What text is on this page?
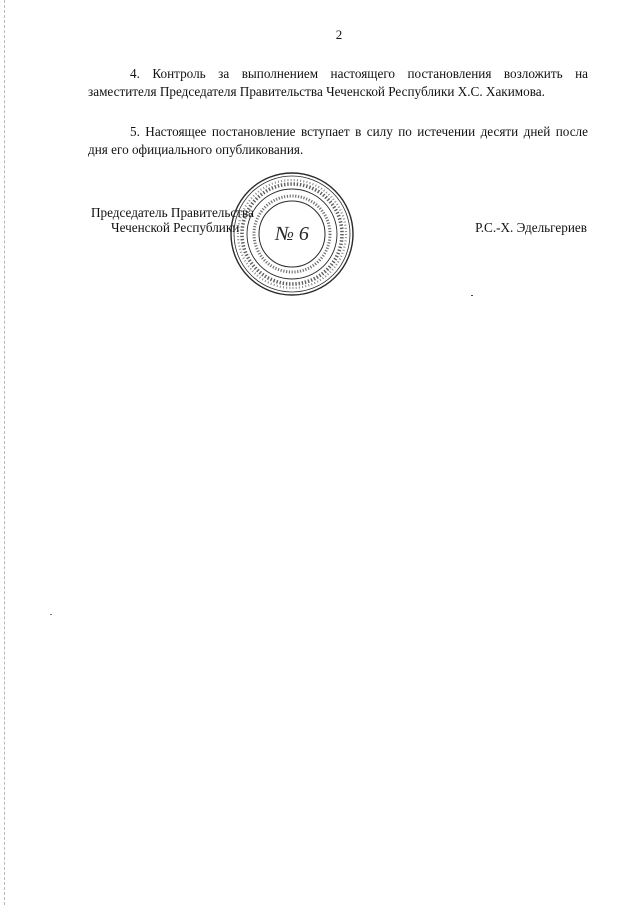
2

4. Контроль за выполнением настоящего постановления возложить на заместителя Председателя Правительства Чеченской Республики Х.С. Хакимова.

5. Настоящее постановление вступает в силу по истечении десяти дней после дня его официального опубликования.

Председатель Правительства
Чеченской Республики	Р.С.-Х. Эдельгериев
№ 6
